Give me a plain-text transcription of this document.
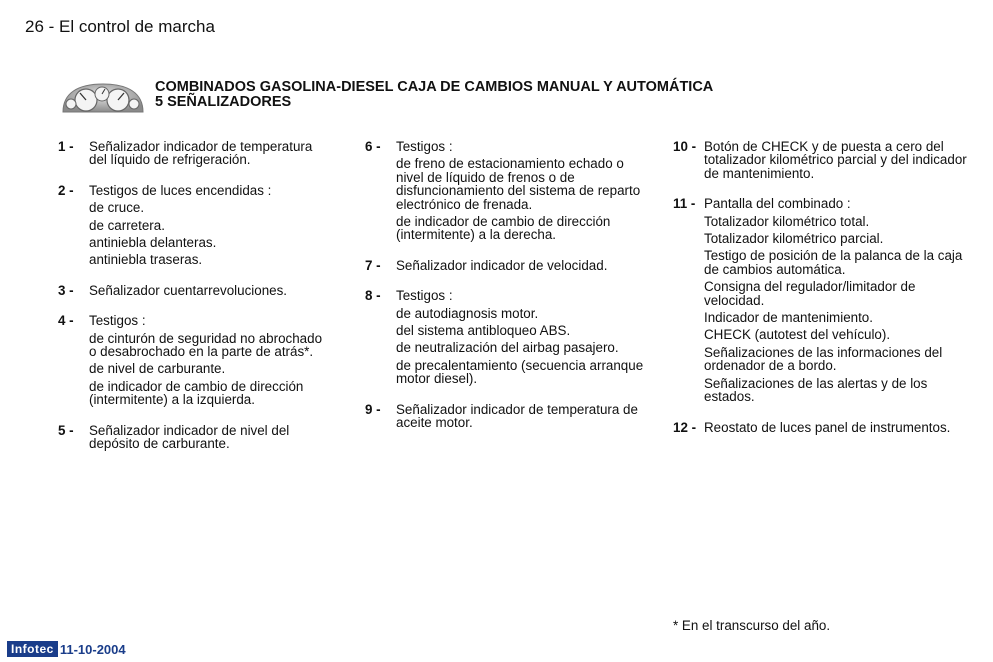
26 - El control de marcha
COMBINADOS GASOLINA-DIESEL CAJA DE CAMBIOS MANUAL Y AUTOMÁTICA
5 SEÑALIZADORES
1 - Señalizador indicador de temperatura del líquido de refrigeración.
2 - Testigos de luces encendidas :
de cruce.
de carretera.
antiniebla delanteras.
antiniebla traseras.
3 - Señalizador cuentarrevoluciones.
4 - Testigos :
de cinturón de seguridad no abrochado o desabrochado en la parte de atrás*.
de nivel de carburante.
de indicador de cambio de dirección (intermitente) a la izquierda.
5 - Señalizador indicador de nivel del depósito de carburante.
6 - Testigos :
de freno de estacionamiento echado o nivel de líquido de frenos o de disfuncionamiento del sistema de reparto electrónico de frenada.
de indicador de cambio de dirección (intermitente) a la derecha.
7 - Señalizador indicador de velocidad.
8 - Testigos :
de autodiagnosis motor.
del sistema antibloqueo ABS.
de neutralización del airbag pasajero.
de precalentamiento (secuencia arranque motor diesel).
9 - Señalizador indicador de temperatura de aceite motor.
10 - Botón de CHECK y de puesta a cero del totalizador kilométrico parcial y del indicador de mantenimiento.
11 - Pantalla del combinado :
Totalizador kilométrico total.
Totalizador kilométrico parcial.
Testigo de posición de la palanca de la caja de cambios automática.
Consigna del regulador/limitador de velocidad.
Indicador de mantenimiento.
CHECK (autotest del vehículo).
Señalizaciones de las informaciones del ordenador de a bordo.
Señalizaciones de las alertas y de los estados.
12 - Reostato de luces panel de instrumentos.
* En el transcurso del año.
Infotec 11-10-2004
